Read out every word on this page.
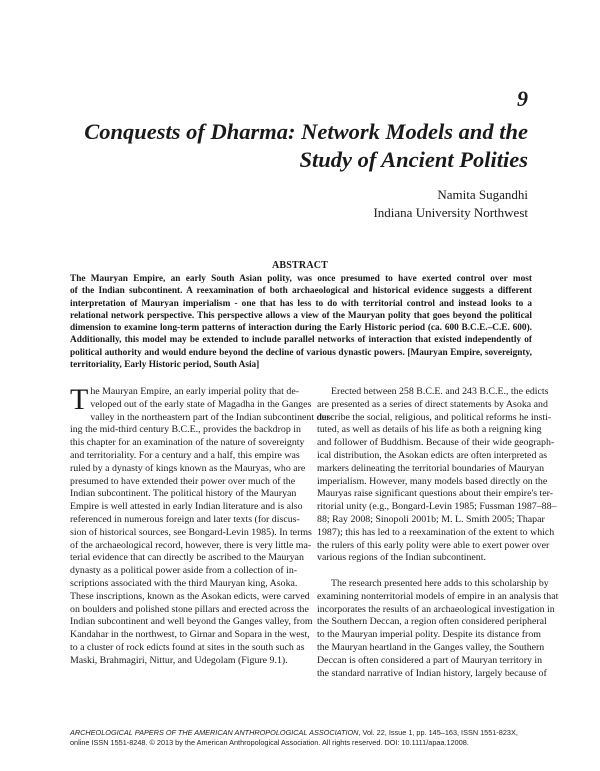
9
Conquests of Dharma: Network Models and the
Study of Ancient Polities
Namita Sugandhi
Indiana University Northwest
ABSTRACT
The Mauryan Empire, an early South Asian polity, was once presumed to have exerted control over most
of the Indian subcontinent. A reexamination of both archaeological and historical evidence suggests a different
interpretation of Mauryan imperialism - one that has less to do with territorial control and instead looks to a
relational network perspective. This perspective allows a view of the Mauryan polity that goes beyond the political
dimension to examine long-term patterns of interaction during the Early Historic period (ca. 600 B.C.E.–C.E. 600).
Additionally, this model may be extended to include parallel networks of interaction that existed independently of
political authority and would endure beyond the decline of various dynastic powers. [Mauryan Empire, sovereignty,
territoriality, Early Historic period, South Asia]
T he Mauryan Empire, an early imperial polity that de-
veloped out of the early state of Magadha in the Ganges
valley in the northeastern part of the Indian subcontinent dur-
ing the mid-third century B.C.E., provides the backdrop in
this chapter for an examination of the nature of sovereignty
and territoriality. For a century and a half, this empire was
ruled by a dynasty of kings known as the Mauryas, who are
presumed to have extended their power over much of the
Indian subcontinent. The political history of the Mauryan
Empire is well attested in early Indian literature and is also
referenced in numerous foreign and later texts (for discus-
sion of historical sources, see Bongard-Levin 1985). In terms
of the archaeological record, however, there is very little ma-
terial evidence that can directly be ascribed to the Mauryan
dynasty as a political power aside from a collection of in-
scriptions associated with the third Mauryan king, Asoka.
These inscriptions, known as the Asokan edicts, were carved
on boulders and polished stone pillars and erected across the
Indian subcontinent and well beyond the Ganges valley, from
Kandahar in the northwest, to Girnar and Sopara in the west,
to a cluster of rock edicts found at sites in the south such as
Maski, Brahmagiri, Nittur, and Udegolam (Figure 9.1).
Erected between 258 B.C.E. and 243 B.C.E., the edicts
are presented as a series of direct statements by Asoka and
describe the social, religious, and political reforms he insti-
tuted, as well as details of his life as both a reigning king
and follower of Buddhism. Because of their wide geograph-
ical distribution, the Asokan edicts are often interpreted as
markers delineating the territorial boundaries of Mauryan
imperialism. However, many models based directly on the
Mauryas raise significant questions about their empire's ter-
ritorial unity (e.g., Bongard-Levin 1985; Fussman 1987–88–
88; Ray 2008; Sinopoli 2001b; M. L. Smith 2005; Thapar
1987); this has led to a reexamination of the extent to which
the rulers of this early polity were able to exert power over
various regions of the Indian subcontinent.
The research presented here adds to this scholarship by
examining nonterritorial models of empire in an analysis that
incorporates the results of an archaeological investigation in
the Southern Deccan, a region often considered peripheral
to the Mauryan imperial polity. Despite its distance from
the Mauryan heartland in the Ganges valley, the Southern
Deccan is often considered a part of Mauryan territory in
the standard narrative of Indian history, largely because of
ARCHEOLOGICAL PAPERS OF THE AMERICAN ANTHROPOLOGICAL ASSOCIATION, Vol. 22, Issue 1, pp. 145–163, ISSN 1551-823X,
online ISSN 1551-8248. © 2013 by the American Anthropological Association. All rights reserved. DOI: 10.1111/apaa.12008.
